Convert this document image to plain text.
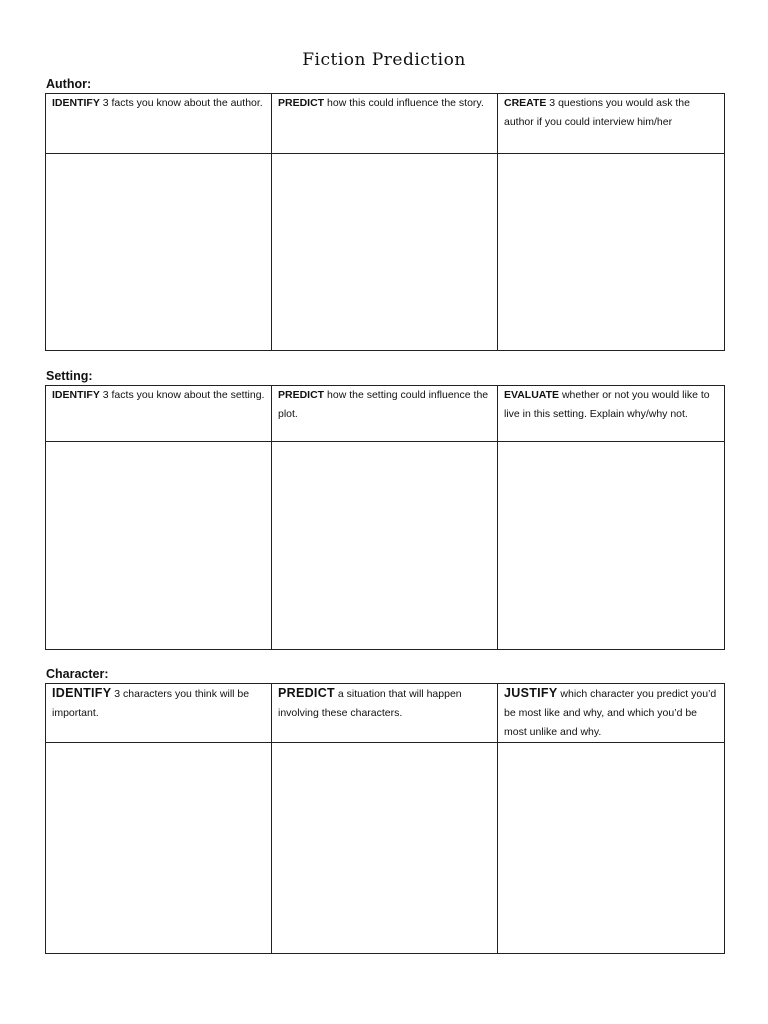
Fiction Prediction
Author:
IDENTIFY 3 facts you know about the author.	PREDICT how this could influence the story.	CREATE 3 questions you would ask the author if you could interview him/her

Setting:
IDENTIFY 3 facts you know about the setting.	PREDICT how the setting could influence the plot.	EVALUATE whether or not you would like to live in this setting. Explain why/why not.

Character:
IDENTIFY 3 characters you think will be important.	PREDICT a situation that will happen involving these characters.	JUSTIFY which character you predict you’d be most like and why, and which you’d be most unlike and why.
